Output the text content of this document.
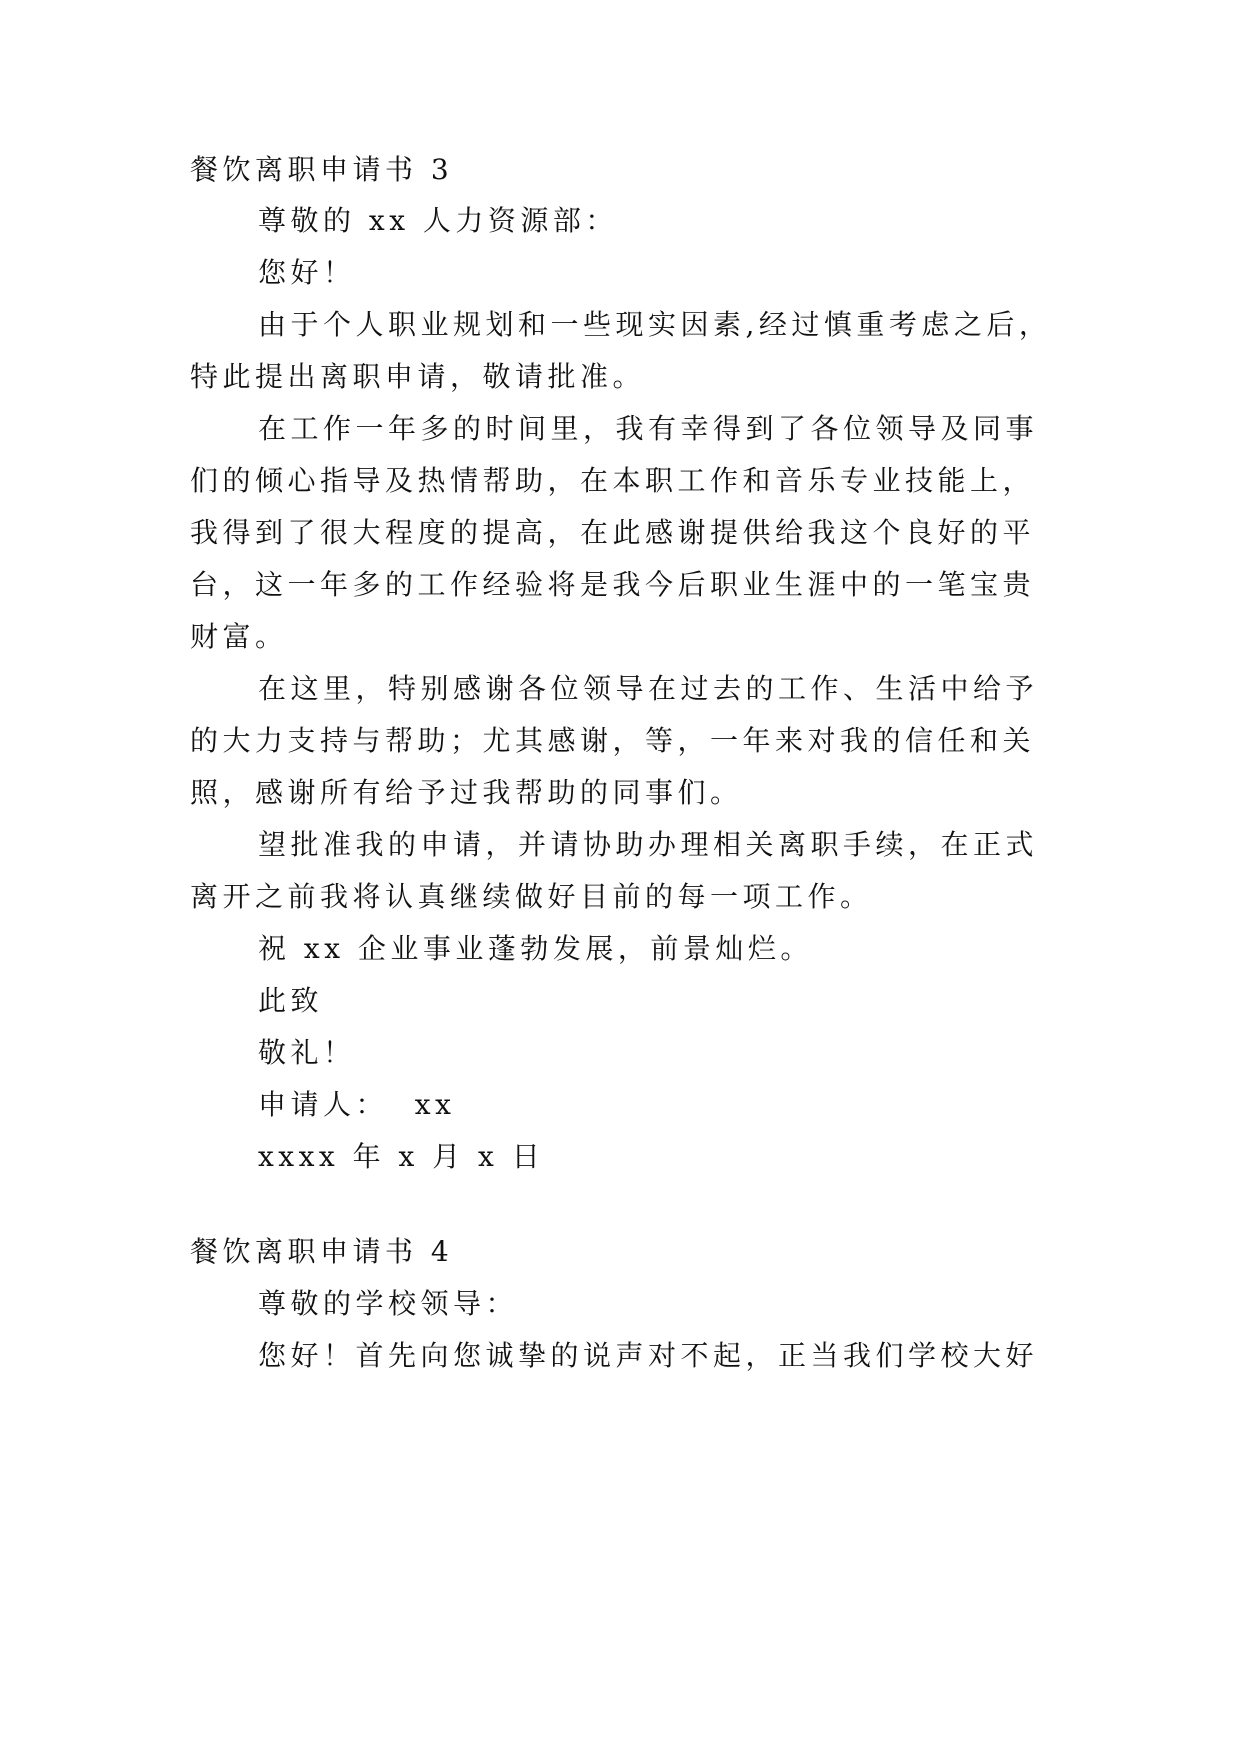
餐饮离职申请书 3
尊敬的 xx 人力资源部：
您好！
由于个人职业规划和一些现实因素,经过慎重考虑之后，
特此提出离职申请，敬请批准。
在工作一年多的时间里，我有幸得到了各位领导及同事
们的倾心指导及热情帮助，在本职工作和音乐专业技能上，
我得到了很大程度的提高，在此感谢提供给我这个良好的平
台，这一年多的工作经验将是我今后职业生涯中的一笔宝贵
财富。
在这里，特别感谢各位领导在过去的工作、生活中给予
的大力支持与帮助；尤其感谢，等，一年来对我的信任和关
照，感谢所有给予过我帮助的同事们。
望批准我的申请，并请协助办理相关离职手续，在正式
离开之前我将认真继续做好目前的每一项工作。
祝 xx 企业事业蓬勃发展，前景灿烂。
此致
敬礼！
申请人：  xx
xxxx 年 x 月 x 日
餐饮离职申请书 4
尊敬的学校领导：
您好！首先向您诚挚的说声对不起，正当我们学校大好
